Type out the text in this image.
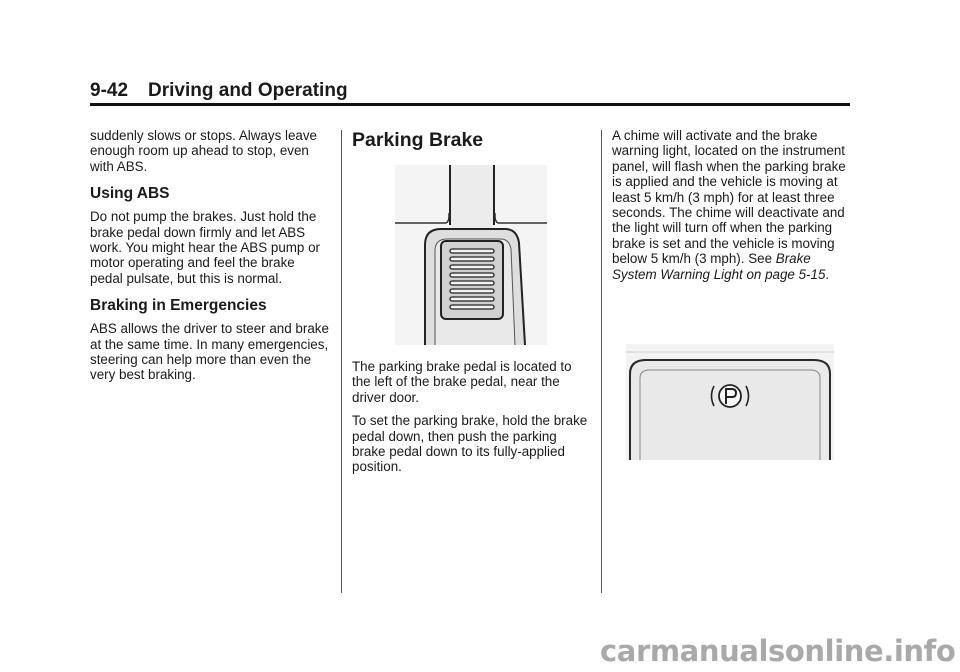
9-42 Driving and Operating

suddenly slows or stops. Always leave enough room up ahead to stop, even with ABS.

Using ABS

Do not pump the brakes. Just hold the brake pedal down firmly and let ABS work. You might hear the ABS pump or motor operating and feel the brake pedal pulsate, but this is normal.

Braking in Emergencies

ABS allows the driver to steer and brake at the same time. In many emergencies, steering can help more than even the very best braking.

Parking Brake

The parking brake pedal is located to the left of the brake pedal, near the driver door.

To set the parking brake, hold the brake pedal down, then push the parking brake pedal down to its fully-applied position.

A chime will activate and the brake warning light, located on the instrument panel, will flash when the parking brake is applied and the vehicle is moving at least 5 km/h (3 mph) for at least three seconds. The chime will deactivate and the light will turn off when the parking brake is set and the vehicle is moving below 5 km/h (3 mph). See Brake System Warning Light on page 5-15.

carmanualsonline.info
